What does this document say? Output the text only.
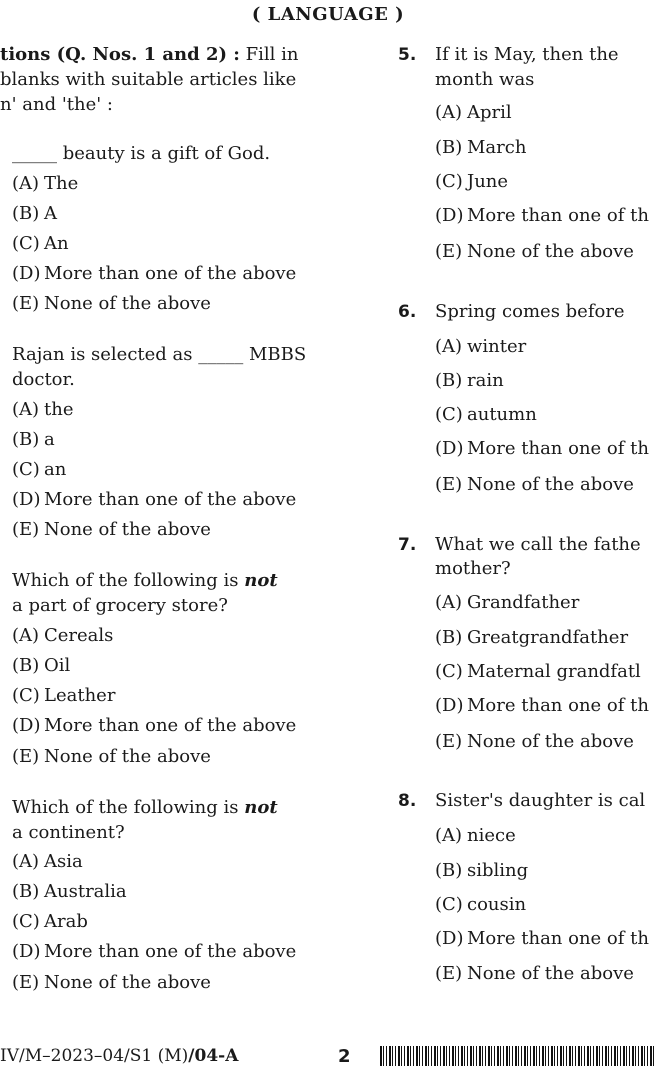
( LANGUAGE )
tions (Q. Nos. 1 and 2) : Fill in
blanks with suitable articles like
n' and 'the' :
_____ beauty is a gift of God.
(A) The
(B) A
(C) An
(D) More than one of the above
(E) None of the above
Rajan is selected as _____ MBBS
doctor.
(A) the
(B) a
(C) an
(D) More than one of the above
(E) None of the above
Which of the following is not
a part of grocery store?
(A) Cereals
(B) Oil
(C) Leather
(D) More than one of the above
(E) None of the above
Which of the following is not
a continent?
(A) Asia
(B) Australia
(C) Arab
(D) More than one of the above
(E) None of the above
5. If it is May, then the
month was
(A) April
(B) March
(C) June
(D) More than one of th
(E) None of the above
6. Spring comes before
(A) winter
(B) rain
(C) autumn
(D) More than one of th
(E) None of the above
7. What we call the fathe
mother?
(A) Grandfather
(B) Greatgrandfather
(C) Maternal grandfatl
(D) More than one of th
(E) None of the above
8. Sister's daughter is cal
(A) niece
(B) sibling
(C) cousin
(D) More than one of th
(E) None of the above
IV/M–2023–04/S1 (M)/04-A	2
